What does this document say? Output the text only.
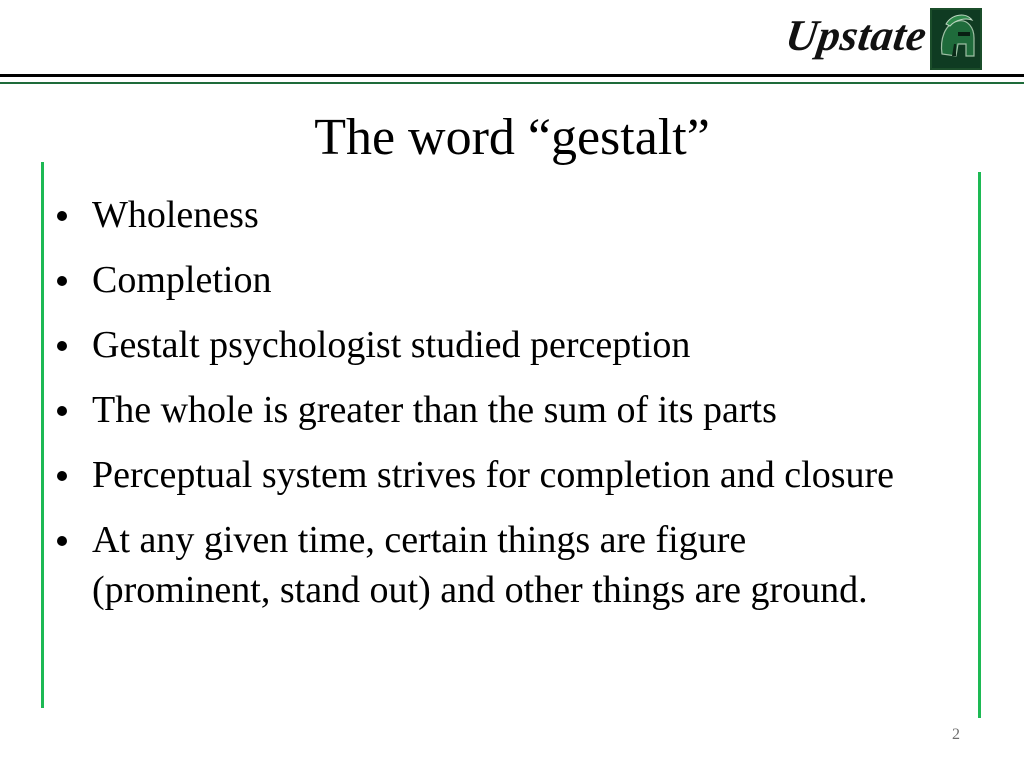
Upstate
The word “gestalt”
Wholeness
Completion
Gestalt psychologist studied perception
The whole is greater than the sum of its parts
Perceptual system strives for completion and closure
At any given time, certain things are figure (prominent, stand out) and other things are ground.
2
